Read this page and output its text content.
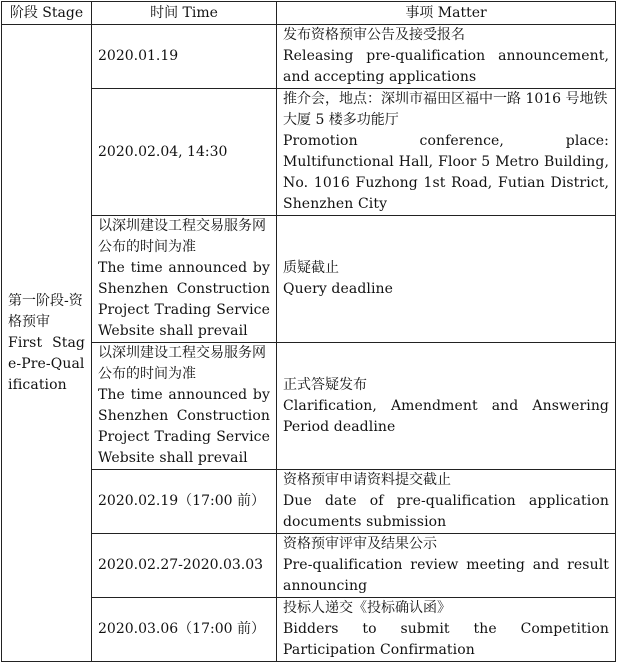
阶段 Stage	时间 Time	事项 Matter

第一阶段-资格预审
First Stage-Pre-Qualification	2020.01.19	发布资格预审公告及接受报名
Releasing pre-qualification announcement, and accepting applications

	2020.02.04, 14:30	推介会，地点：深圳市福田区福中一路 1016 号地铁大厦 5 楼多功能厅
Promotion conference, place: Multifunctional Hall, Floor 5 Metro Building, No. 1016 Fuzhong 1st Road, Futian District, Shenzhen City

	以深圳建设工程交易服务网公布的时间为准
The time announced by Shenzhen Construction Project Trading Service Website shall prevail	质疑截止
Query deadline

	以深圳建设工程交易服务网公布的时间为准
The time announced by Shenzhen Construction Project Trading Service Website shall prevail	正式答疑发布
Clarification, Amendment and Answering Period deadline

	2020.02.19（17:00 前）	资格预审申请资料提交截止
Due date of pre-qualification application documents submission

	2020.02.27-2020.03.03	资格预审评审及结果公示
Pre-qualification review meeting and result announcing

	2020.03.06（17:00 前）	投标人递交《投标确认函》
Bidders to submit the Competition Participation Confirmation
